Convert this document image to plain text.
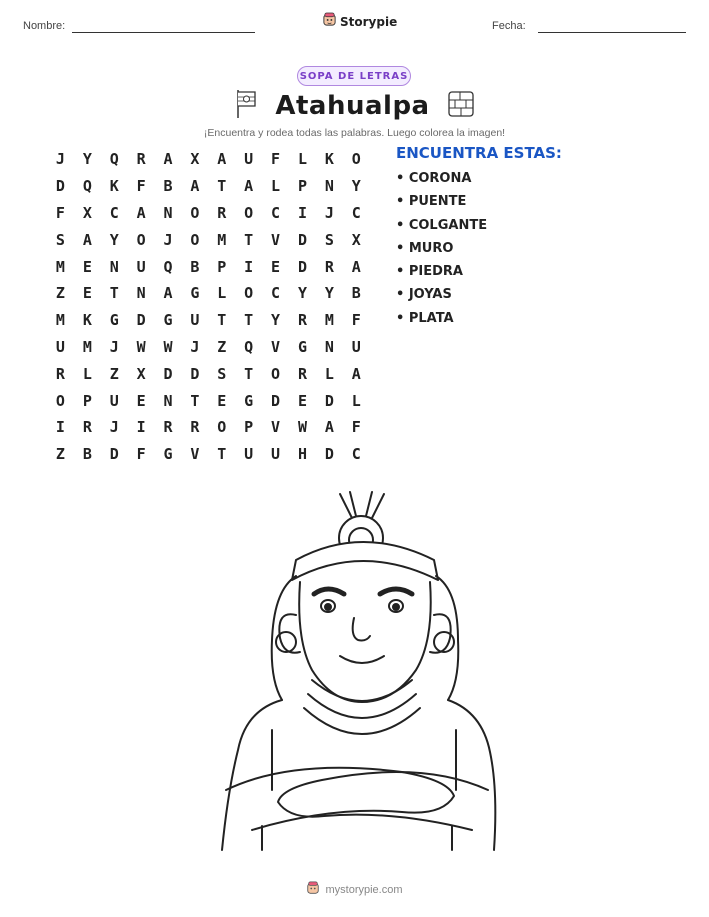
Nombre:	Storypie	Fecha:
SOPA DE LETRAS
Atahualpa
¡Encuentra y rodea todas las palabras. Luego colorea la imagen!
J	Y	Q	R	A	X	A	U	F	L	K	O
D	Q	K	F	B	A	T	A	L	P	N	Y
F	X	C	A	N	O	R	O	C	I	J	C
S	A	Y	O	J	O	M	T	V	D	S	X
M	E	N	U	Q	B	P	I	E	D	R	A
Z	E	T	N	A	G	L	O	C	Y	Y	B
M	K	G	D	G	U	T	T	Y	R	M	F
U	M	J	W	W	J	Z	Q	V	G	N	U
R	L	Z	X	D	D	S	T	O	R	L	A
O	P	U	E	N	T	E	G	D	E	D	L
I	R	J	I	R	R	O	P	V	W	A	F
Z	B	D	F	G	V	T	U	U	H	D	C
ENCUENTRA ESTAS:
• CORONA
• PUENTE
• COLGANTE
• MURO
• PIEDRA
• JOYAS
• PLATA
mystorypie.com
